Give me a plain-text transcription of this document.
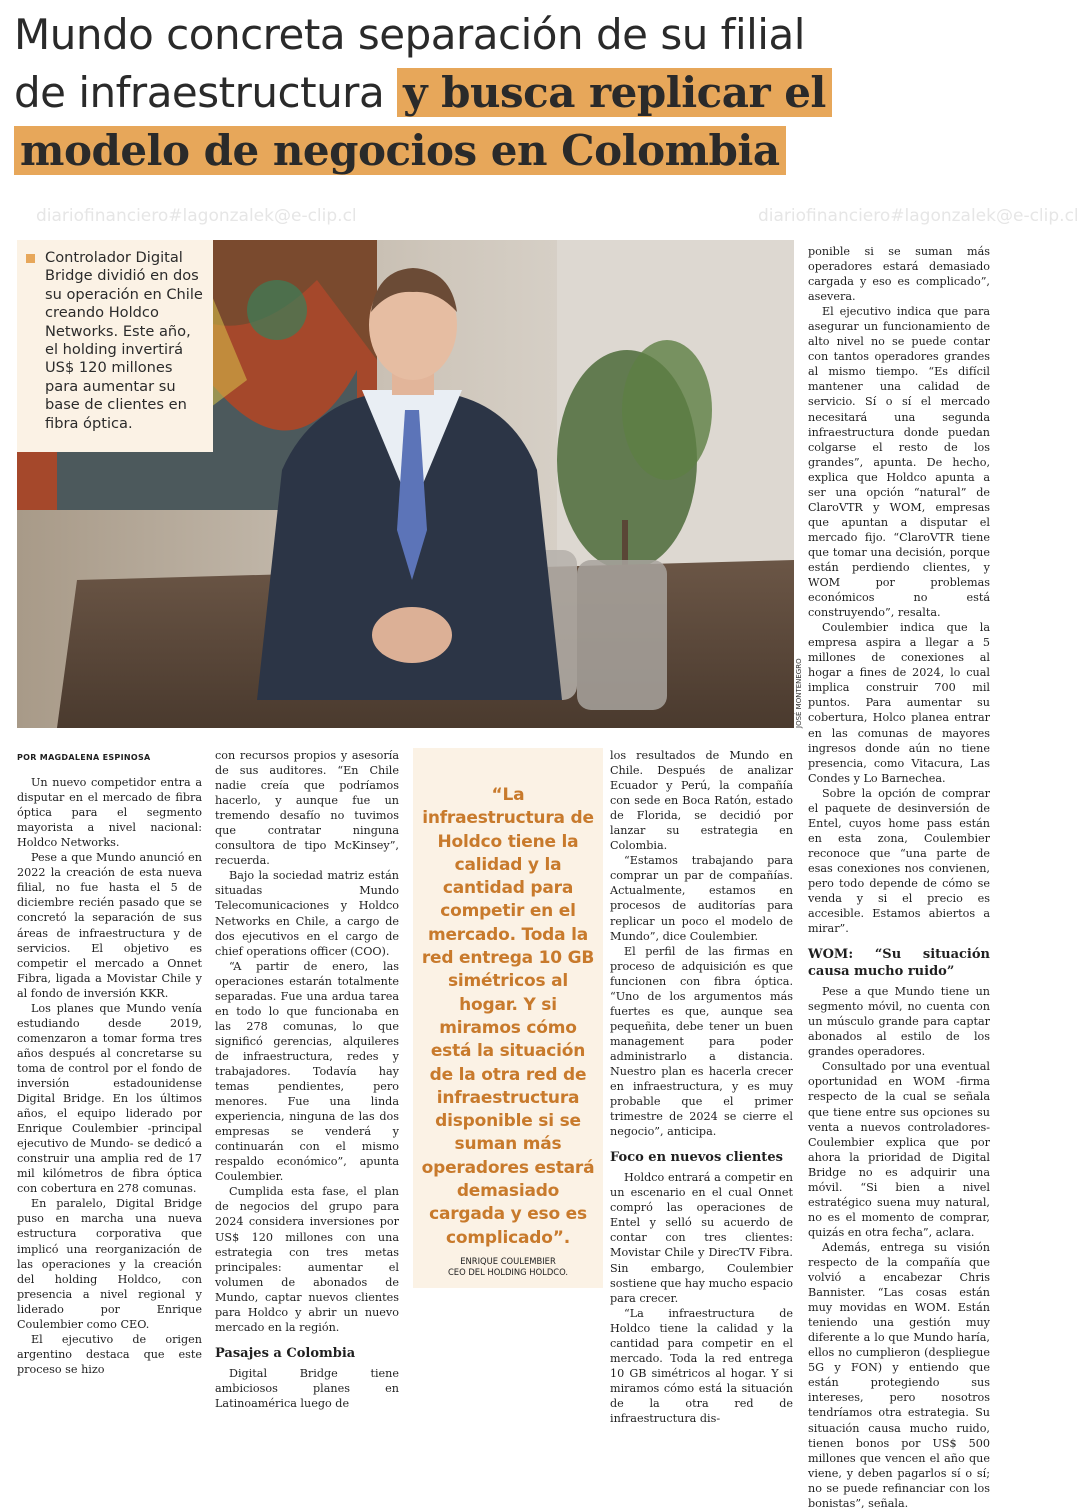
Mundo concreta separación de su filial
de infraestructura y busca replicar el
modelo de negocios en Colombia
diariofinanciero#lagonzalek@e-clip.cl	diariofinanciero#lagonzalek@e-clip.cl
JOSÉ MONTENEGRO

Controlador Digital Bridge dividió en dos su operación en Chile creando Holdco Networks. Este año, el holding invertirá US$ 120 millones para aumentar su base de clientes en fibra óptica.

POR MAGDALENA ESPINOSA

Un nuevo competidor entra a disputar en el mercado de fibra óptica para el segmento mayorista a nivel nacional: Holdco Networks.

Pese a que Mundo anunció en 2022 la creación de esta nueva filial, no fue hasta el 5 de diciembre recién pasado que se concretó la separación de sus áreas de infraestructura y de servicios. El objetivo es competir el mercado a Onnet Fibra, ligada a Movistar Chile y al fondo de inversión KKR.

Los planes que Mundo venía estudiando desde 2019, comenzaron a tomar forma tres años después al concretarse su toma de control por el fondo de inversión estadounidense Digital Bridge. En los últimos años, el equipo liderado por Enrique Coulembier -principal ejecutivo de Mundo- se dedicó a construir una amplia red de 17 mil kilómetros de fibra óptica con cobertura en 278 comunas.

En paralelo, Digital Bridge puso en marcha una nueva estructura corporativa que implicó una reorganización de las operaciones y la creación del holding Holdco, con presencia a nivel regional y liderado por Enrique Coulembier como CEO.

El ejecutivo de origen argentino destaca que este proceso se hizo

con recursos propios y asesoría de sus auditores. “En Chile nadie creía que podríamos hacerlo, y aunque fue un tremendo desafío no tuvimos que contratar ninguna consultora de tipo McKinsey”, recuerda.

Bajo la sociedad matriz están situadas Mundo Telecomunicaciones y Holdco Networks en Chile, a cargo de dos ejecutivos en el cargo de chief operations officer (COO).

“A partir de enero, las operaciones estarán totalmente separadas. Fue una ardua tarea en todo lo que funcionaba en las 278 comunas, lo que significó gerencias, alquileres de infraestructura, redes y trabajadores. Todavía hay temas pendientes, pero menores. Fue una linda experiencia, ninguna de las dos empresas se venderá y continuarán con el mismo respaldo económico”, apunta Coulembier.

Cumplida esta fase, el plan de negocios del grupo para 2024 considera inversiones por US$ 120 millones con una estrategia con tres metas principales: aumentar el volumen de abonados de Mundo, captar nuevos clientes para Holdco y abrir un nuevo mercado en la región.

Pasajes a Colombia

Digital Bridge tiene ambiciosos planes en Latinoamérica luego de

“La infraestructura de Holdco tiene la calidad y la cantidad para competir en el mercado. Toda la red entrega 10 GB simétricos al hogar. Y si miramos cómo está la situación de la otra red de infraestructura disponible si se suman más operadores estará demasiado cargada y eso es complicado”.
ENRIQUE COULEMBIER
CEO DEL HOLDING HOLDCO.

los resultados de Mundo en Chile. Después de analizar Ecuador y Perú, la compañía con sede en Boca Ratón, estado de Florida, se decidió por lanzar su estrategia en Colombia.

“Estamos trabajando para comprar un par de compañías. Actualmente, estamos en procesos de auditorías para replicar un poco el modelo de Mundo”, dice Coulembier.

El perfil de las firmas en proceso de adquisición es que funcionen con fibra óptica. “Uno de los argumentos más fuertes es que, aunque sea pequeñita, debe tener un buen management para poder administrarlo a distancia. Nuestro plan es hacerla crecer en infraestructura, y es muy probable que el primer trimestre de 2024 se cierre el negocio”, anticipa.

Foco en nuevos clientes

Holdco entrará a competir en un escenario en el cual Onnet compró las operaciones de Entel y selló su acuerdo de contar con tres clientes: Movistar Chile y DirecTV Fibra. Sin embargo, Coulembier sostiene que hay mucho espacio para crecer.

“La infraestructura de Holdco tiene la calidad y la cantidad para competir en el mercado. Toda la red entrega 10 GB simétricos al hogar. Y si miramos cómo está la situación de la otra red de infraestructura dis-

ponible si se suman más operadores estará demasiado cargada y eso es complicado”, asevera.

El ejecutivo indica que para asegurar un funcionamiento de alto nivel no se puede contar con tantos operadores grandes al mismo tiempo. “Es difícil mantener una calidad de servicio. Sí o sí el mercado necesitará una segunda infraestructura donde puedan colgarse el resto de los grandes”, apunta. De hecho, explica que Holdco apunta a ser una opción “natural” de ClaroVTR y WOM, empresas que apuntan a disputar el mercado fijo. “ClaroVTR tiene que tomar una decisión, porque están perdiendo clientes, y WOM por problemas económicos no está construyendo”, resalta.

Coulembier indica que la empresa aspira a llegar a 5 millones de conexiones al hogar a fines de 2024, lo cual implica construir 700 mil puntos. Para aumentar su cobertura, Holco planea entrar en las comunas de mayores ingresos donde aún no tiene presencia, como Vitacura, Las Condes y Lo Barnechea.

Sobre la opción de comprar el paquete de desinversión de Entel, cuyos home pass están en esta zona, Coulembier reconoce que “una parte de esas conexiones nos convienen, pero todo depende de cómo se venda y si el precio es accesible. Estamos abiertos a mirar”.

WOM: “Su situación causa mucho ruido”

Pese a que Mundo tiene un segmento móvil, no cuenta con un músculo grande para captar abonados al estilo de los grandes operadores.

Consultado por una eventual oportunidad en WOM -firma respecto de la cual se señala que tiene entre sus opciones su venta a nuevos controladores- Coulembier explica que por ahora la prioridad de Digital Bridge no es adquirir una móvil. “Si bien a nivel estratégico suena muy natural, no es el momento de comprar, quizás en otra fecha”, aclara.

Además, entrega su visión respecto de la compañía que volvió a encabezar Chris Bannister. “Las cosas están muy movidas en WOM. Están teniendo una gestión muy diferente a lo que Mundo haría, ellos no cumplieron (despliegue 5G y FON) y entiendo que están protegiendo sus intereses, pero nosotros tendríamos otra estrategia. Su situación causa mucho ruido, tienen bonos por US$ 500 millones que vencen el año que viene, y deben pagarlos sí o sí; no se puede refinanciar con los bonistas”, señala.
